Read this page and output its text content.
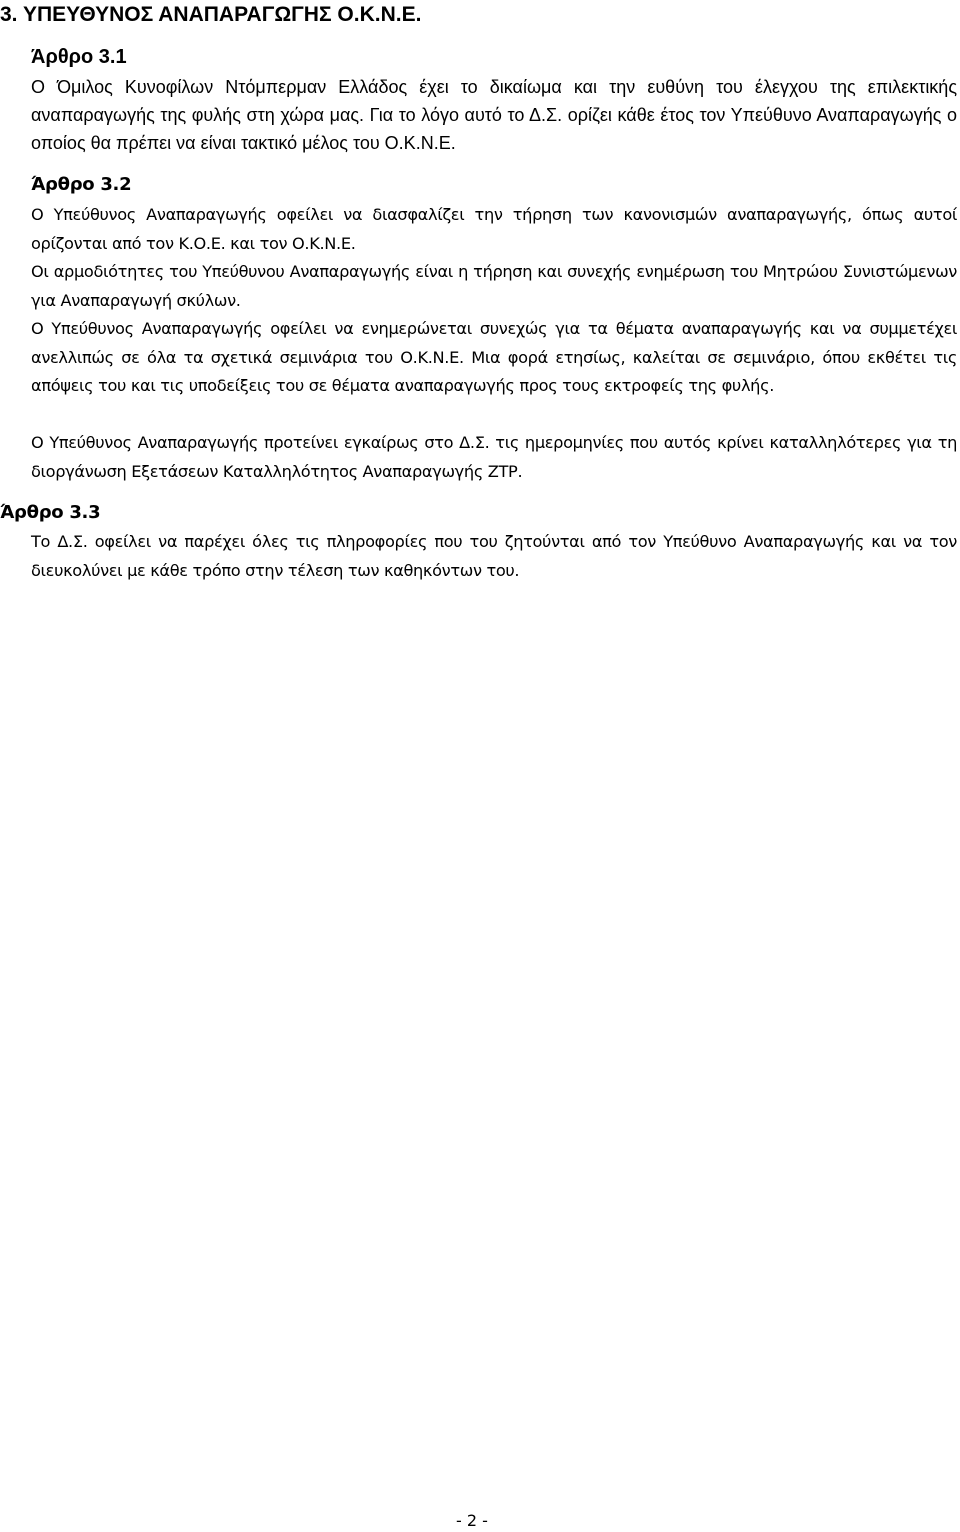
3. ΥΠΕΥΘΥΝΟΣ ΑΝΑΠΑΡΑΓΩΓΗΣ Ο.Κ.Ν.Ε.
Άρθρο 3.1

Ο Όμιλος Κυνοφίλων Ντόμπερμαν Ελλάδος έχει το δικαίωμα και την ευθύνη του έλεγχου της επιλεκτικής αναπαραγωγής της φυλής στη χώρα μας. Για το λόγο αυτό το Δ.Σ. ορίζει κάθε έτος τον Υπεύθυνο Αναπαραγωγής ο οποίος θα πρέπει να είναι τακτικό μέλος του Ο.Κ.Ν.Ε.

Άρθρο 3.2

Ο Υπεύθυνος Αναπαραγωγής οφείλει να διασφαλίζει την τήρηση των κανονισμών αναπαραγωγής, όπως αυτοί ορίζονται από τον Κ.Ο.Ε. και τον Ο.Κ.Ν.Ε.

Οι αρμοδιότητες του Υπεύθυνου Αναπαραγωγής είναι η τήρηση και συνεχής ενημέρωση του Μητρώου Συνιστώμενων για Αναπαραγωγή σκύλων.

Ο Υπεύθυνος Αναπαραγωγής οφείλει να ενημερώνεται συνεχώς για τα θέματα αναπαραγωγής και να συμμετέχει ανελλιπώς σε όλα τα σχετικά σεμινάρια του Ο.Κ.Ν.Ε. Μια φορά ετησίως, καλείται σε σεμινάριο, όπου εκθέτει τις απόψεις του και τις υποδείξεις του σε θέματα αναπαραγωγής προς τους εκτροφείς της φυλής.

Ο Υπεύθυνος Αναπαραγωγής προτείνει εγκαίρως στο Δ.Σ. τις ημερομηνίες που αυτός κρίνει καταλληλότερες για τη διοργάνωση Εξετάσεων Καταλληλότητος Αναπαραγωγής ΖΤΡ.

Άρθρο 3.3

Το Δ.Σ. οφείλει να παρέχει όλες τις πληροφορίες που του ζητούνται από τον Υπεύθυνο Αναπαραγωγής και να τον διευκολύνει με κάθε τρόπο στην τέλεση των καθηκόντων του.

- 2 -
